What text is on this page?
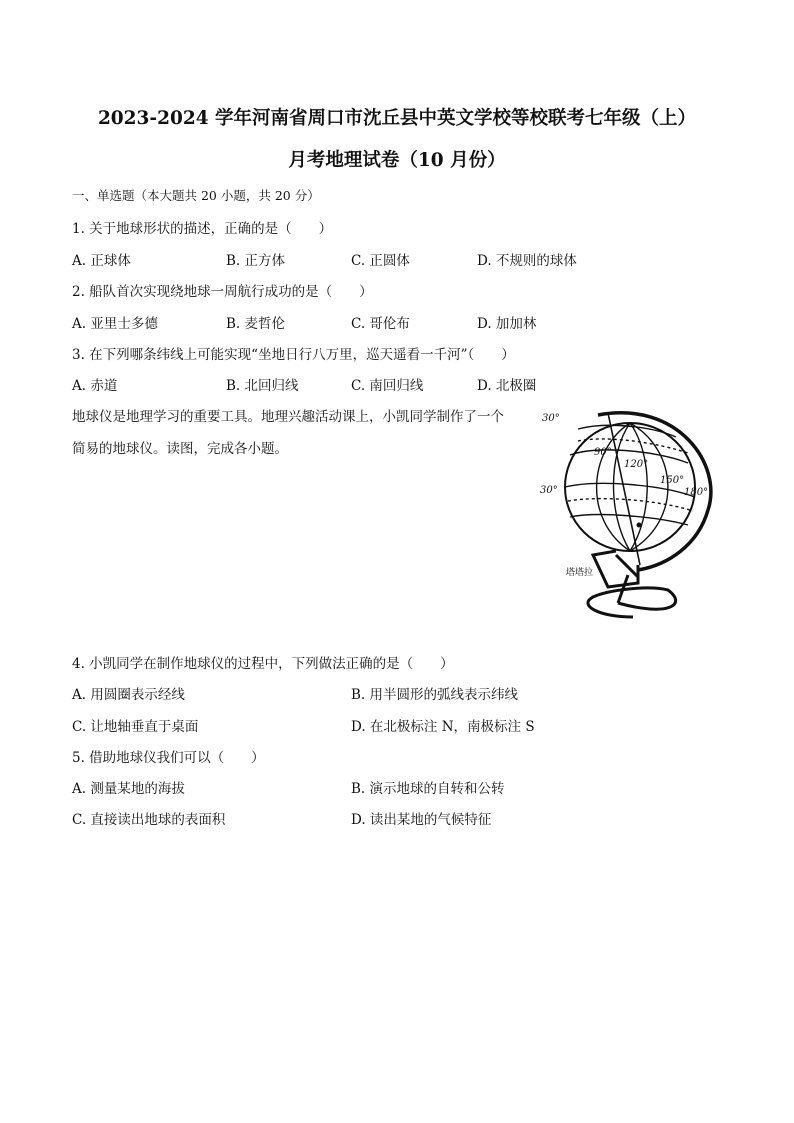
2023-2024 学年河南省周口市沈丘县中英文学校等校联考七年级（上）
月考地理试卷（10 月份）
一、单选题（本大题共 20 小题，共 20 分）
1. 关于地球形状的描述，正确的是（　　）
A. 正球体	B. 正方体	C. 正圆体	D. 不规则的球体
2. 船队首次实现绕地球一周航行成功的是（　　）
A. 亚里士多德	B. 麦哲伦	C. 哥伦布	D. 加加林
3. 在下列哪条纬线上可能实现“坐地日行八万里，巡天遥看一千河”（　　）
A. 赤道	B. 北回归线	C. 南回归线	D. 北极圈
地球仪是地理学习的重要工具。地理兴趣活动课上，小凯同学制作了一个
简易的地球仪。读图，完成各小题。
30°
30°
90°
120°
150°
180°
塔塔拉
4. 小凯同学在制作地球仪的过程中，下列做法正确的是（　　）
A. 用圆圈表示经线	B. 用半圆形的弧线表示纬线
C. 让地轴垂直于桌面	D. 在北极标注 N，南极标注 S
5. 借助地球仪我们可以（　　）
A. 测量某地的海拔	B. 演示地球的自转和公转
C. 直接读出地球的表面积	D. 读出某地的气候特征
